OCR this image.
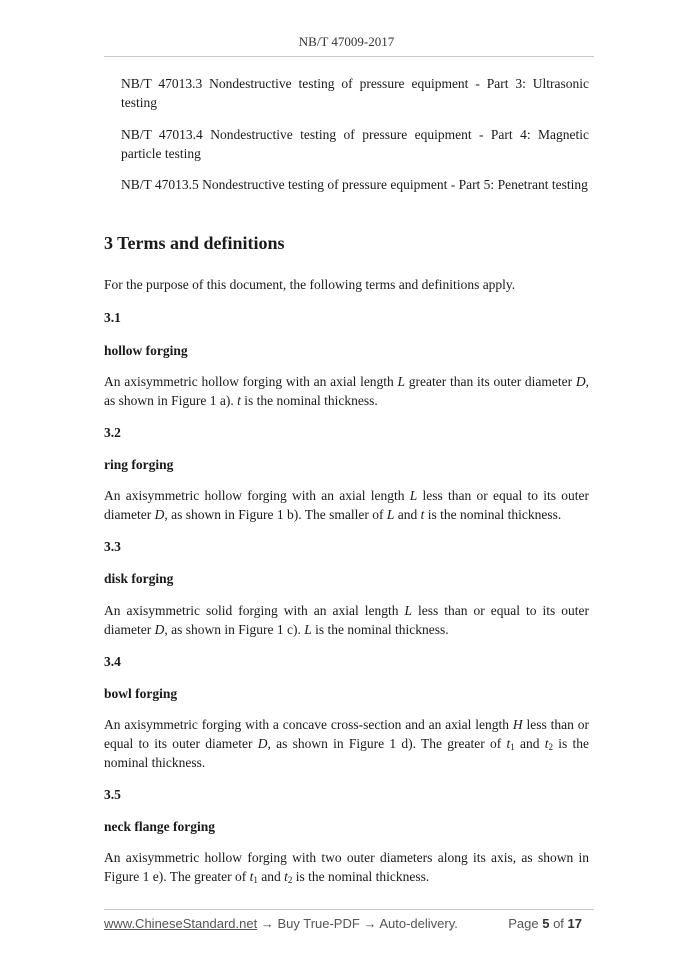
NB/T 47009-2017
NB/T 47013.3 Nondestructive testing of pressure equipment - Part 3: Ultrasonic testing
NB/T 47013.4 Nondestructive testing of pressure equipment - Part 4: Magnetic particle testing
NB/T 47013.5 Nondestructive testing of pressure equipment - Part 5: Penetrant testing
3 Terms and definitions
For the purpose of this document, the following terms and definitions apply.
3.1
hollow forging
An axisymmetric hollow forging with an axial length L greater than its outer diameter D, as shown in Figure 1 a). t is the nominal thickness.
3.2
ring forging
An axisymmetric hollow forging with an axial length L less than or equal to its outer diameter D, as shown in Figure 1 b). The smaller of L and t is the nominal thickness.
3.3
disk forging
An axisymmetric solid forging with an axial length L less than or equal to its outer diameter D, as shown in Figure 1 c). L is the nominal thickness.
3.4
bowl forging
An axisymmetric forging with a concave cross-section and an axial length H less than or equal to its outer diameter D, as shown in Figure 1 d). The greater of $t_1$ and $t_2$ is the nominal thickness.
3.5
neck flange forging
An axisymmetric hollow forging with two outer diameters along its axis, as shown in Figure 1 e). The greater of $t_1$ and $t_2$ is the nominal thickness.
www.ChineseStandard.net → Buy True-PDF → Auto-delivery.	Page 5 of 17
